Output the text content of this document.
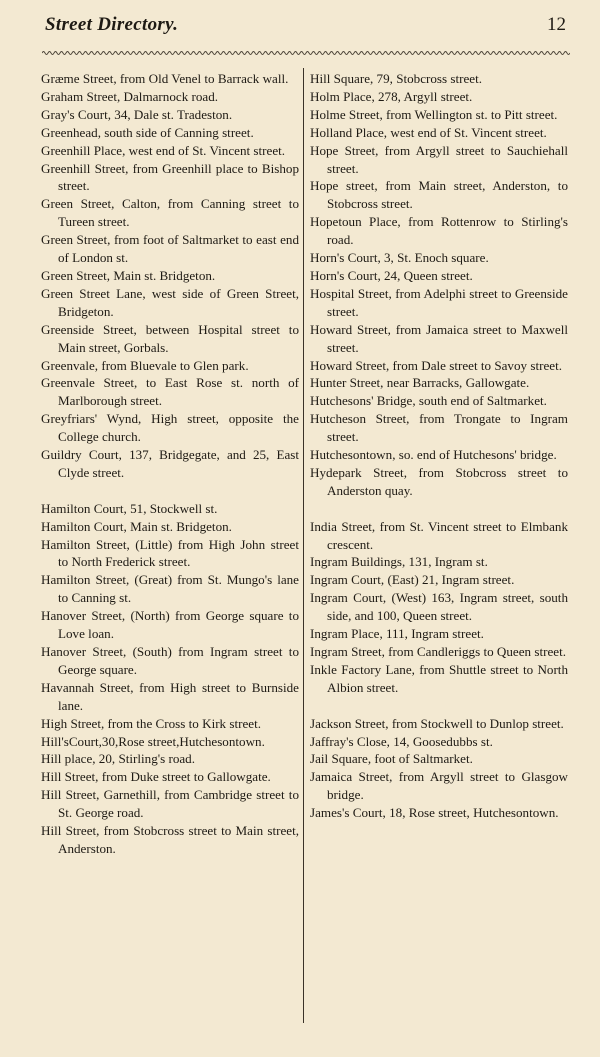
Street Directory.	12
Græme Street, from Old Venel to Barrack wall.
Graham Street, Dalmarnock road.
Gray's Court, 34, Dale st. Tradeston.
Greenhead, south side of Canning street.
Greenhill Place, west end of St. Vincent street.
Greenhill Street, from Greenhill place to Bishop street.
Green Street, Calton, from Canning street to Tureen street.
Green Street, from foot of Saltmarket to east end of London st.
Green Street, Main st. Bridgeton.
Green Street Lane, west side of Green Street, Bridgeton.
Greenside Street, between Hospital street to Main street, Gorbals.
Greenvale, from Bluevale to Glen park.
Greenvale Street, to East Rose st. north of Marlborough street.
Greyfriars' Wynd, High street, opposite the College church.
Guildry Court, 137, Bridgegate, and 25, East Clyde street.
Hamilton Court, 51, Stockwell st.
Hamilton Court, Main st. Bridgeton.
Hamilton Street, (Little) from High John street to North Frederick street.
Hamilton Street, (Great) from St. Mungo's lane to Canning st.
Hanover Street, (North) from George square to Love loan.
Hanover Street, (South) from Ingram street to George square.
Havannah Street, from High street to Burnside lane.
High Street, from the Cross to Kirk street.
Hill'sCourt,30,Rose street,Hutchesontown.
Hill place, 20, Stirling's road.
Hill Street, from Duke street to Gallowgate.
Hill Street, Garnethill, from Cambridge street to St. George road.
Hill Street, from Stobcross street to Main street, Anderston.
Hill Square, 79, Stobcross street.
Holm Place, 278, Argyll street.
Holme Street, from Wellington st. to Pitt street.
Holland Place, west end of St. Vincent street.
Hope Street, from Argyll street to Sauchiehall street.
Hope street, from Main street, Anderston, to Stobcross street.
Hopetoun Place, from Rottenrow to Stirling's road.
Horn's Court, 3, St. Enoch square.
Horn's Court, 24, Queen street.
Hospital Street, from Adelphi street to Greenside street.
Howard Street, from Jamaica street to Maxwell street.
Howard Street, from Dale street to Savoy street.
Hunter Street, near Barracks, Gallowgate.
Hutchesons' Bridge, south end of Saltmarket.
Hutcheson Street, from Trongate to Ingram street.
Hutchesontown, so. end of Hutchesons' bridge.
Hydepark Street, from Stobcross street to Anderston quay.
India Street, from St. Vincent street to Elmbank crescent.
Ingram Buildings, 131, Ingram st.
Ingram Court, (East) 21, Ingram street.
Ingram Court, (West) 163, Ingram street, south side, and 100, Queen street.
Ingram Place, 111, Ingram street.
Ingram Street, from Candleriggs to Queen street.
Inkle Factory Lane, from Shuttle street to North Albion street.
Jackson Street, from Stockwell to Dunlop street.
Jaffray's Close, 14, Goosedubbs st.
Jail Square, foot of Saltmarket.
Jamaica Street, from Argyll street to Glasgow bridge.
James's Court, 18, Rose street, Hutchesontown.
